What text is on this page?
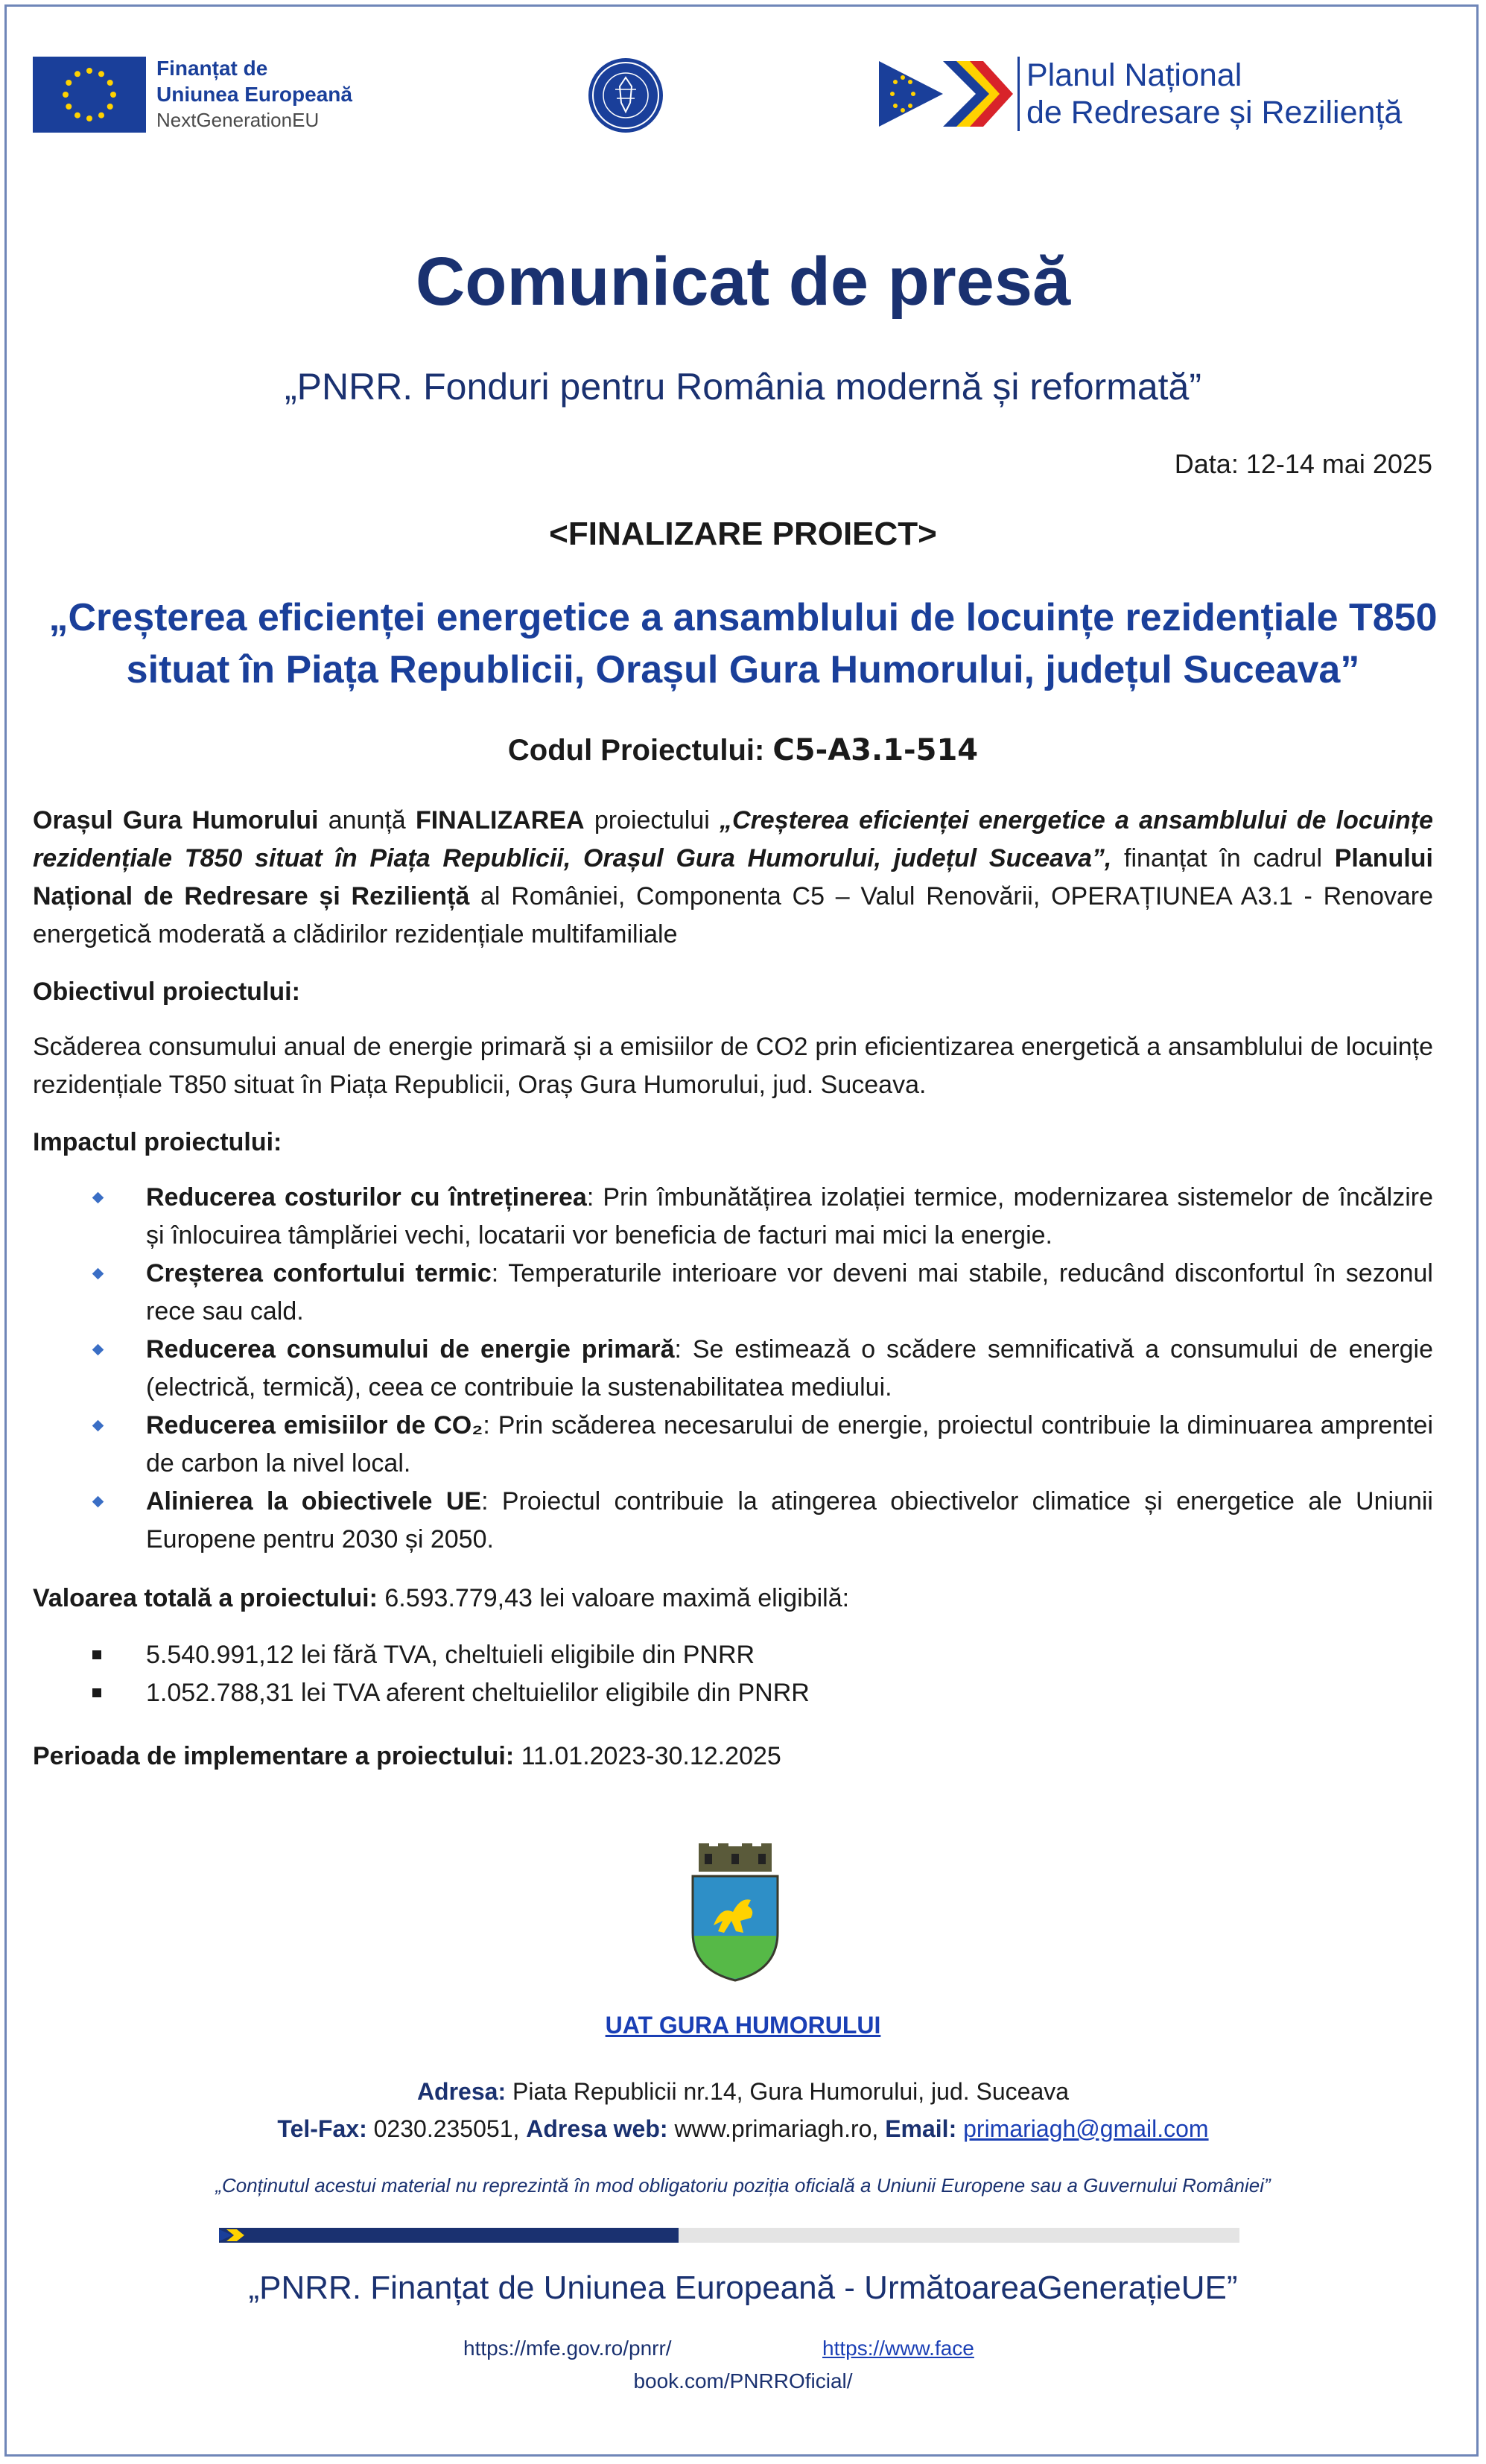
Finanțat de
Uniunea Europeană
NextGenerationEU
Planul Național
de Redresare și Reziliență
Comunicat de presă
„PNRR. Fonduri pentru România modernă și reformată”
Data: 12-14 mai 2025
<FINALIZARE PROIECT>
„Creșterea eficienței energetice a ansamblului de locuințe rezidențiale T850
situat în Piața Republicii, Orașul Gura Humorului, județul Suceava”
Codul Proiectului: C5-A3.1-514
Orașul Gura Humorului anunță FINALIZAREA proiectului „Creșterea eficienței energetice a ansamblului de locuințe rezidențiale T850 situat în Piața Republicii, Orașul Gura Humorului, județul Suceava”, finanțat în cadrul Planului Național de Redresare și Reziliență al României, Componenta C5 – Valul Renovării, OPERAȚIUNEA A3.1 - Renovare energetică moderată a clădirilor rezidențiale multifamiliale
Obiectivul proiectului:
Scăderea consumului anual de energie primară și a emisiilor de CO2 prin eficientizarea energetică a ansamblului de locuințe rezidențiale T850 situat în Piața Republicii, Oraș Gura Humorului, jud. Suceava.
Impactul proiectului:
Reducerea costurilor cu întreținerea: Prin îmbunătățirea izolației termice, modernizarea sistemelor de încălzire și înlocuirea tâmplăriei vechi, locatarii vor beneficia de facturi mai mici la energie.
Creșterea confortului termic: Temperaturile interioare vor deveni mai stabile, reducând disconfortul în sezonul rece sau cald.
Reducerea consumului de energie primară: Se estimează o scădere semnificativă a consumului de energie (electrică, termică), ceea ce contribuie la sustenabilitatea mediului.
Reducerea emisiilor de CO₂: Prin scăderea necesarului de energie, proiectul contribuie la diminuarea amprentei de carbon la nivel local.
Alinierea la obiectivele UE: Proiectul contribuie la atingerea obiectivelor climatice și energetice ale Uniunii Europene pentru 2030 și 2050.
Valoarea totală a proiectului: 6.593.779,43 lei valoare maximă eligibilă:
5.540.991,12 lei fără TVA, cheltuieli eligibile din PNRR
1.052.788,31 lei TVA aferent cheltuielilor eligibile din PNRR
Perioada de implementare a proiectului: 11.01.2023-30.12.2025
UAT GURA HUMORULUI
Adresa: Piata Republicii nr.14, Gura Humorului, jud. Suceava
Tel-Fax: 0230.235051, Adresa web: www.primariagh.ro, Email: primariagh@gmail.com
„Conținutul acestui material nu reprezintă în mod obligatoriu poziția oficială a Uniunii Europene sau a Guvernului României”
„PNRR. Finanțat de Uniunea Europeană - UrmătoareaGenerațieUE”
https://mfe.gov.ro/pnrr/	https://www.face
book.com/PNRROficial/
